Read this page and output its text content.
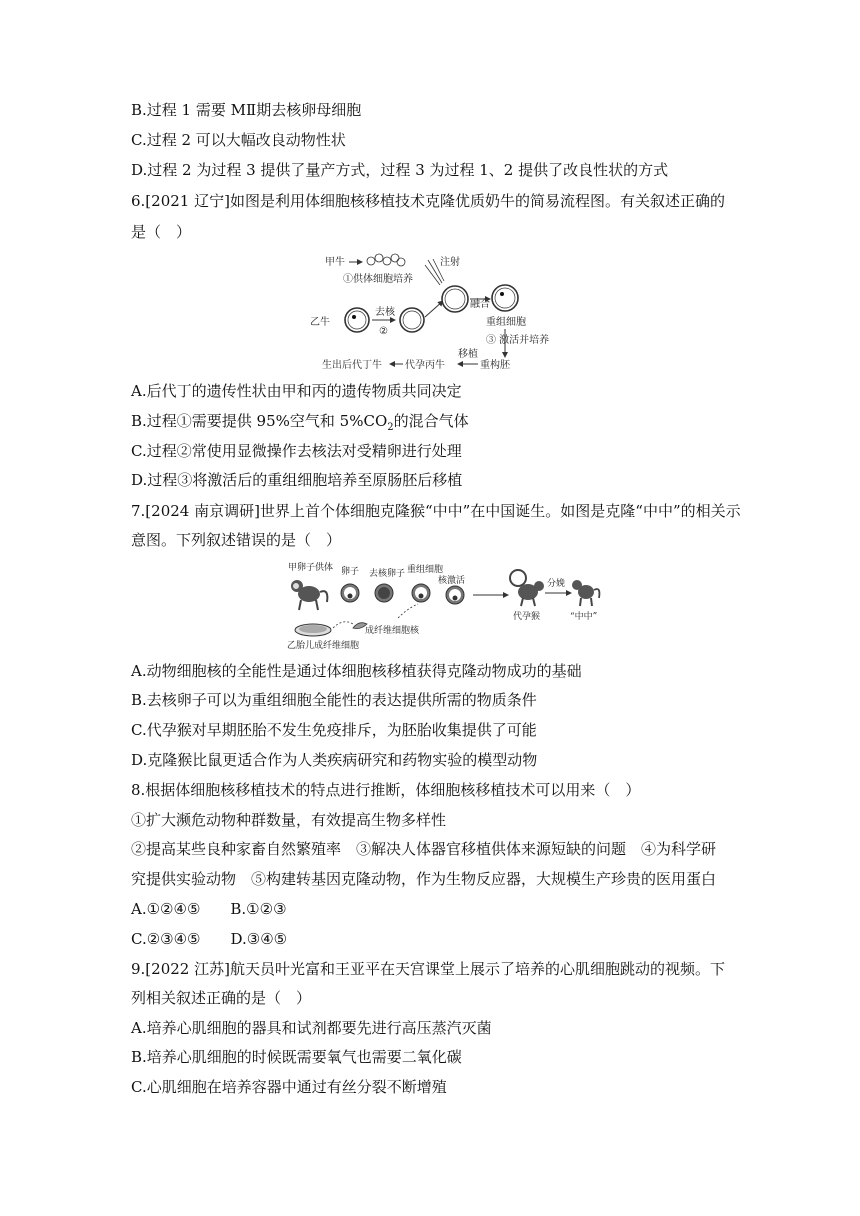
B.过程 1 需要 MⅡ期去核卵母细胞
C.过程 2 可以大幅改良动物性状
D.过程 2 为过程 3 提供了量产方式，过程 3 为过程 1、2 提供了改良性状的方式
6.[2021 辽宁]如图是利用体细胞核移植技术克隆优质奶牛的简易流程图。有关叙述正确的
是（　）
甲牛
①供体细胞培养
注射
乙牛
去核
②
融合
重组细胞
③ 激活并培养
重构胚
移植
代孕丙牛
生出后代丁牛
A.后代丁的遗传性状由甲和丙的遗传物质共同决定
B.过程①需要提供 95%空气和 $5\%CO_2$的混合气体
C.过程②常使用显微操作去核法对受精卵进行处理
D.过程③将激活后的重组细胞培养至原肠胚后移植
7.[2024 南京调研]世界上首个体细胞克隆猴“中中”在中国诞生。如图是克隆“中中”的相关示
意图。下列叙述错误的是（　）
甲卵子供体 卵子 去核卵子 重组细胞
核激活
代孕猴
分娩
“中中”
成纤维细胞核
乙胎儿成纤维细胞
A.动物细胞核的全能性是通过体细胞核移植获得克隆动物成功的基础
B.去核卵子可以为重组细胞全能性的表达提供所需的物质条件
C.代孕猴对早期胚胎不发生免疫排斥，为胚胎收集提供了可能
D.克隆猴比鼠更适合作为人类疾病研究和药物实验的模型动物
8.根据体细胞核移植技术的特点进行推断，体细胞核移植技术可以用来（　）
①扩大濒危动物种群数量，有效提高生物多样性
②提高某些良种家畜自然繁殖率　③解决人体器官移植供体来源短缺的问题　④为科学研
究提供实验动物　⑤构建转基因克隆动物，作为生物反应器，大规模生产珍贵的医用蛋白
A.①②④⑤　　B.①②③
C.②③④⑤　　D.③④⑤
9.[2022 江苏]航天员叶光富和王亚平在天宫课堂上展示了培养的心肌细胞跳动的视频。下
列相关叙述正确的是（　）
A.培养心肌细胞的器具和试剂都要先进行高压蒸汽灭菌
B.培养心肌细胞的时候既需要氧气也需要二氧化碳
C.心肌细胞在培养容器中通过有丝分裂不断增殖
